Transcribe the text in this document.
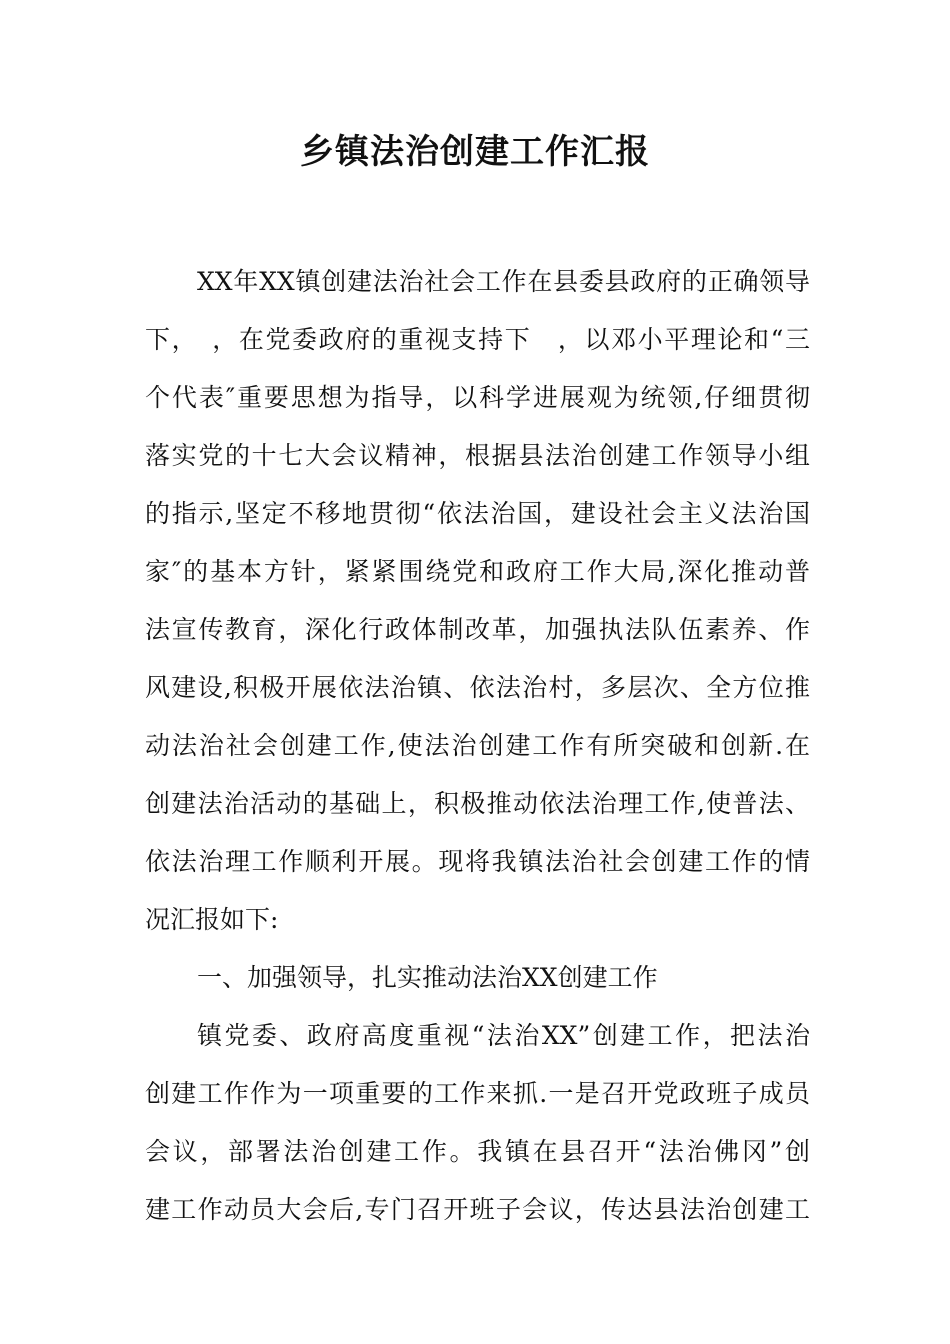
乡镇法治创建工作汇报
XX年XX镇创建法治社会工作在县委县政府的正确领导
下，　，在党委政府的重视支持下　，以邓小平理论和“三
个代表″重要思想为指导，以科学进展观为统领,仔细贯彻
落实党的十七大会议精神，根据县法治创建工作领导小组
的指示,坚定不移地贯彻“依法治国，建设社会主义法治国
家″的基本方针，紧紧围绕党和政府工作大局,深化推动普
法宣传教育，深化行政体制改革，加强执法队伍素养、作
风建设,积极开展依法治镇、依法治村，多层次、全方位推
动法治社会创建工作,使法治创建工作有所突破和创新.在
创建法治活动的基础上，积极推动依法治理工作,使普法、
依法治理工作顺利开展。现将我镇法治社会创建工作的情
况汇报如下:
一、加强领导，扎实推动法治XX创建工作
镇党委、政府高度重视“法治XX”创建工作，把法治
创建工作作为一项重要的工作来抓.一是召开党政班子成员
会议，部署法治创建工作。我镇在县召开“法治佛冈”创
建工作动员大会后,专门召开班子会议，传达县法治创建工
